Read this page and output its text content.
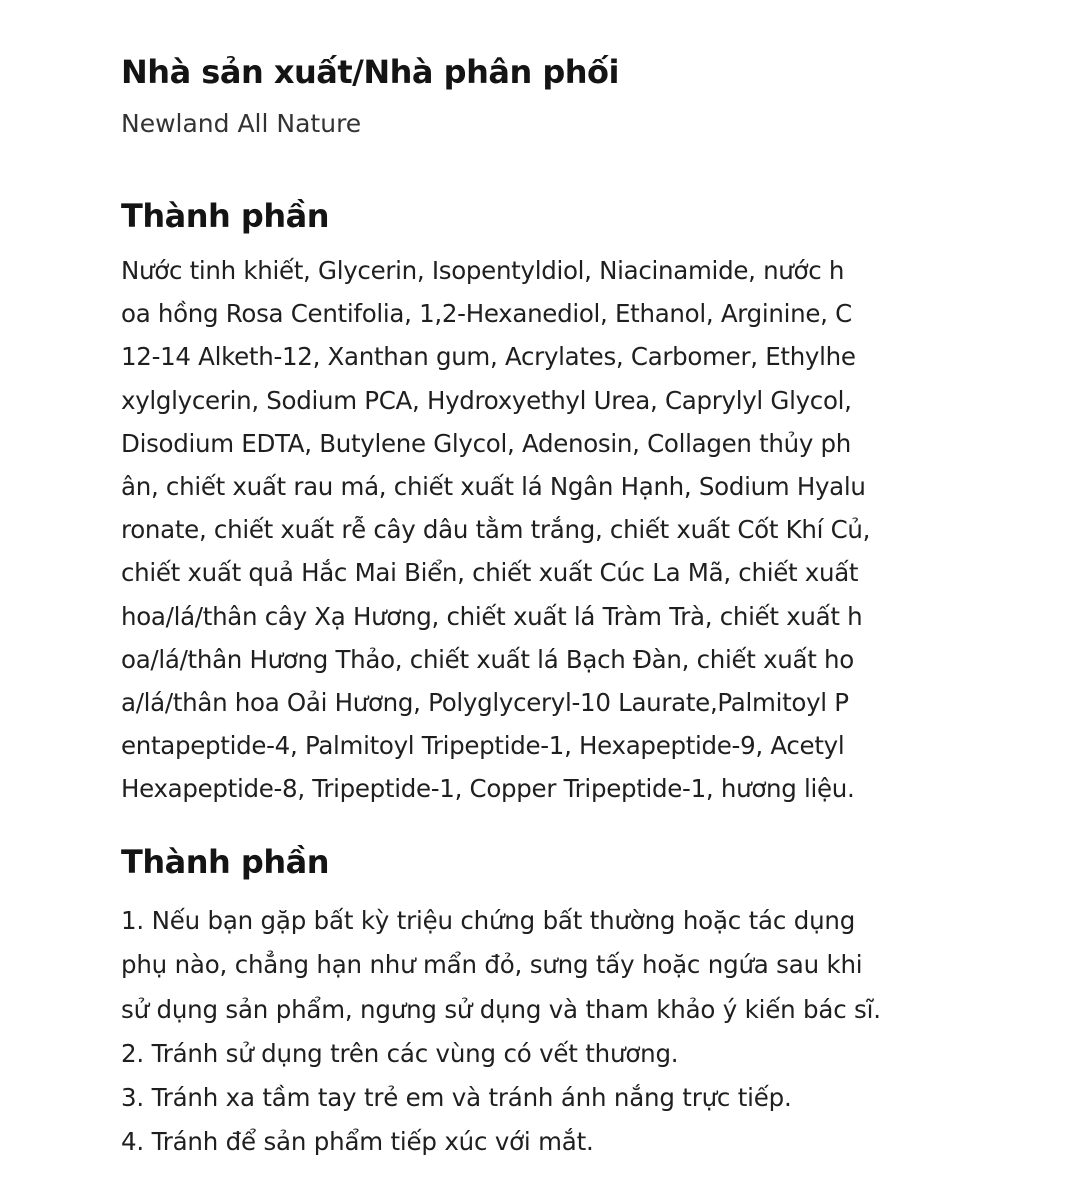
Nhà sản xuất/Nhà phân phối

Newland All Nature

Thành phần
Nước tinh khiết, Glycerin, Isopentyldiol, Niacinamide, nước h
oa hồng Rosa Centifolia, 1,2-Hexanediol, Ethanol, Arginine, C
12-14 Alketh-12, Xanthan gum, Acrylates, Carbomer, Ethylhe
xylglycerin, Sodium PCA, Hydroxyethyl Urea, Caprylyl Glycol,
Disodium EDTA, Butylene Glycol, Adenosin, Collagen thủy ph
ân, chiết xuất rau má, chiết xuất lá Ngân Hạnh, Sodium Hyalu
ronate, chiết xuất rễ cây dâu tằm trắng, chiết xuất Cốt Khí Củ,
chiết xuất quả Hắc Mai Biển, chiết xuất Cúc La Mã, chiết xuất
hoa/lá/thân cây Xạ Hương, chiết xuất lá Tràm Trà, chiết xuất h
oa/lá/thân Hương Thảo, chiết xuất lá Bạch Đàn, chiết xuất ho
a/lá/thân hoa Oải Hương, Polyglyceryl-10 Laurate,Palmitoyl P
entapeptide-4, Palmitoyl Tripeptide-1, Hexapeptide-9, Acetyl
Hexapeptide-8, Tripeptide-1, Copper Tripeptide-1, hương liệu.
Thành phần
1. Nếu bạn gặp bất kỳ triệu chứng bất thường hoặc tác dụng
phụ nào, chẳng hạn như mẩn đỏ, sưng tấy hoặc ngứa sau khi
sử dụng sản phẩm, ngưng sử dụng và tham khảo ý kiến bác sĩ.
2. Tránh sử dụng trên các vùng có vết thương.
3. Tránh xa tầm tay trẻ em và tránh ánh nắng trực tiếp.
4. Tránh để sản phẩm tiếp xúc với mắt.
